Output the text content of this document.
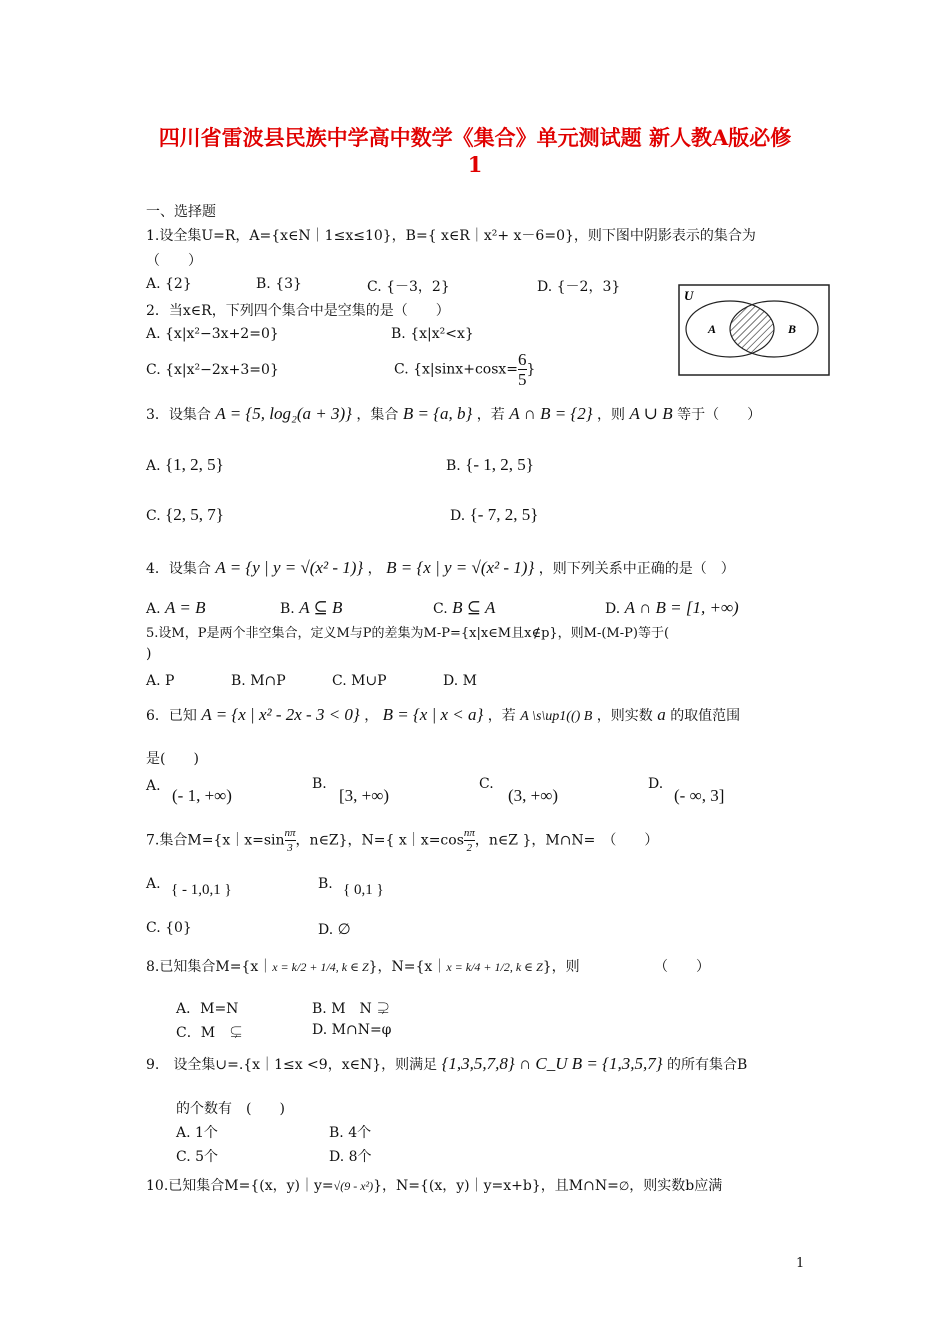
四川省雷波县民族中学高中数学《集合》单元测试题 新人教A版必修
1
一、选择题
1.设全集U=R，A={x∈N｜1≤x≤10}，B={ x∈R｜x²+ x－6=0}，则下图中阴影表示的集合为
（　　）
A. {2}	B. {3}	C. {－3，2}	D. {－2，3}
U
A	B
2．当x∈R，下列四个集合中是空集的是（　　）
A. {x|x²−3x+2=0}	B. {x|x²<x}
C. {x|x²−2x+3=0}	C. {$x|\sin x+\cos x= \frac{6}{5}$ }
3．设集合 A = {5, log₂(a + 3)} ，集合 B = {a, b} ，若 A ∩ B = {2} ，则 A ∪ B 等于（　　）
A. {1, 2, 5}	B. {- 1, 2, 5}
C. {2, 5, 7}	D. {- 7, 2, 5}
4．设集合 A = {y | y = √(x² - 1)} ， B = {x | y = √(x² - 1)} ，则下列关系中正确的是（　）
A. A = B	B. A ⊆ B	C. B ⊆ A	D. A ∩ B = [1, +∞)
5.设M，P是两个非空集合，定义M与P的差集为M-P={x|x∈M且x∉p}，则M-(M-P)等于(
)
A. P	B. M∩P	C. M∪P	D. M
6．已知 A = {x | x² - 2x - 3 < 0} ， B = {x | x < a} ，若 A \s\up1(() B ，则实数 a 的取值范围
是(　　)
A. (- 1, +∞)
B.
[3, +∞)
C.
(3, +∞)
D.
(- ∞, 3]
7.集合M={x｜x=sin $\frac{n\pi}{3}$ ，n∈Z}，N={ x｜x=cos $\frac{n\pi}{2}$ ，n∈Z }，M∩N=　（　　）
A. { - 1,0,1 }	B. { 0,1 }
C. {0}	D. ∅
8.已知集合M={x｜x = k/2 + 1/4, k ∈ Z}，N={x｜x = k/4 + 1/2, k ∈ Z}，则	（　　）
A．M=N	B. M　N ⊋
C．M　⊊	D. M∩N=φ
9.　设全集∪=.{x｜1≤x <9，x∈N}，则满足 {1,3,5,7,8} ∩ C_U B = {1,3,5,7} 的所有集合B
的个数有　(　　)
A. 1个	B. 4个
C. 5个	D. 8个
10.已知集合M={(x，y)｜y=√(9 - x²)}，N={(x，y)｜y=x+b}，且M∩N=∅，则实数b应满
1
